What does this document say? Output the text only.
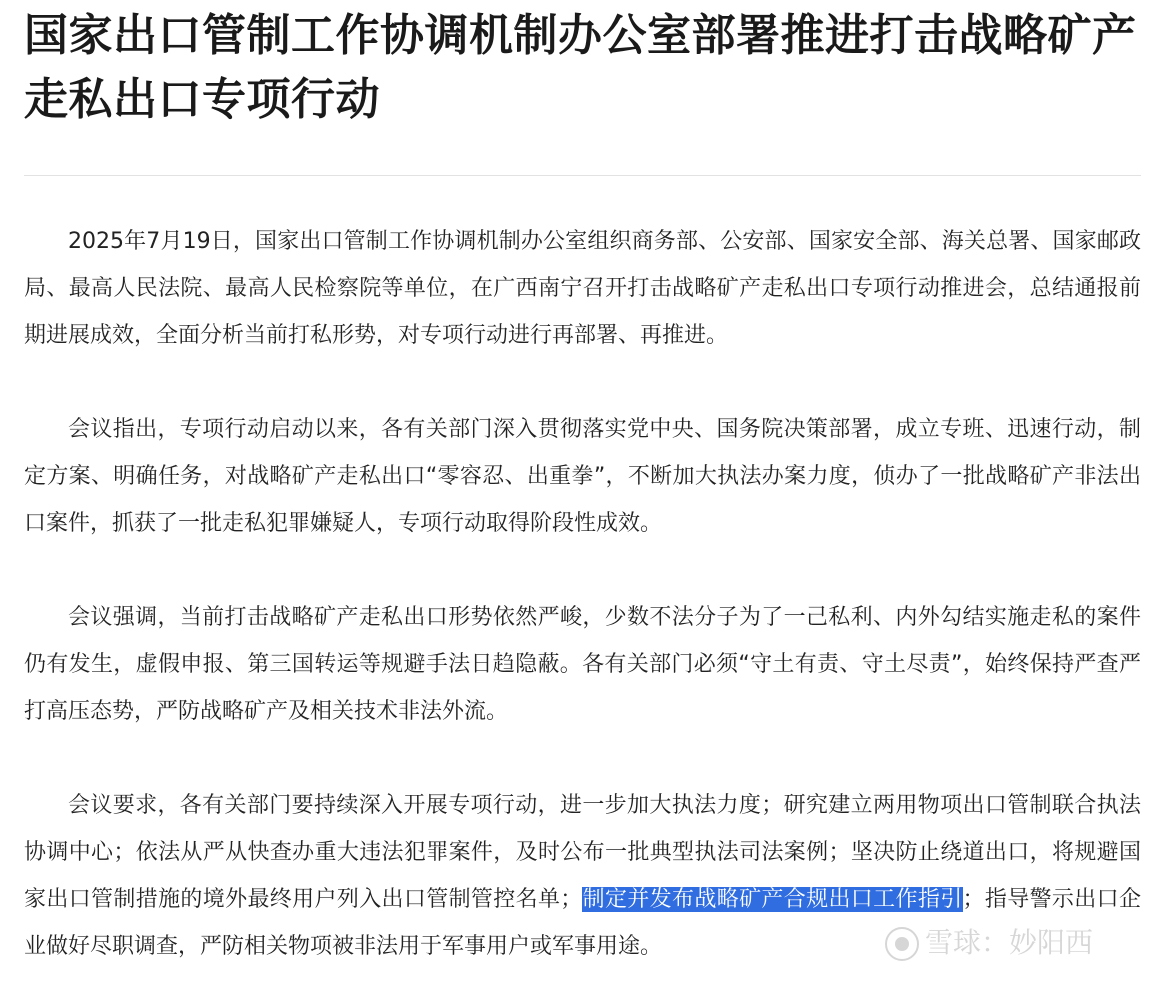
国家出口管制工作协调机制办公室部署推进打击战略矿产走私出口专项行动

2025年7月19日，国家出口管制工作协调机制办公室组织商务部、公安部、国家安全部、海关总署、国家邮政局、最高人民法院、最高人民检察院等单位，在广西南宁召开打击战略矿产走私出口专项行动推进会，总结通报前期进展成效，全面分析当前打私形势，对专项行动进行再部署、再推进。

会议指出，专项行动启动以来，各有关部门深入贯彻落实党中央、国务院决策部署，成立专班、迅速行动，制定方案、明确任务，对战略矿产走私出口“零容忍、出重拳”，不断加大执法办案力度，侦办了一批战略矿产非法出口案件，抓获了一批走私犯罪嫌疑人，专项行动取得阶段性成效。

会议强调，当前打击战略矿产走私出口形势依然严峻，少数不法分子为了一己私利、内外勾结实施走私的案件仍有发生，虚假申报、第三国转运等规避手法日趋隐蔽。各有关部门必须“守土有责、守土尽责”，始终保持严查严打高压态势，严防战略矿产及相关技术非法外流。

会议要求，各有关部门要持续深入开展专项行动，进一步加大执法力度；研究建立两用物项出口管制联合执法协调中心；依法从严从快查办重大违法犯罪案件，及时公布一批典型执法司法案例；坚决防止绕道出口，将规避国家出口管制措施的境外最终用户列入出口管制管控名单；制定并发布战略矿产合规出口工作指引；指导警示出口企业做好尽职调查，严防相关物项被非法用于军事用户或军事用途。	雪球：妙阳西
